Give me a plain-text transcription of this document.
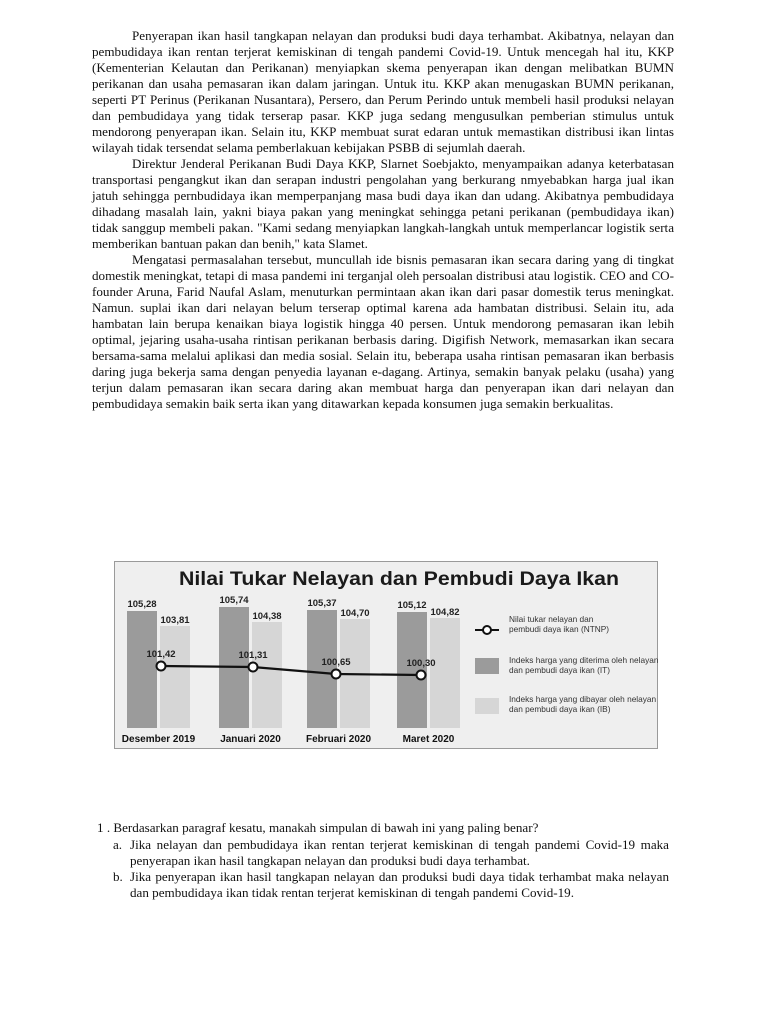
Penyerapan ikan hasil tangkapan nelayan dan produksi budi daya terhambat. Akibatnya, nelayan dan pembudidaya ikan rentan terjerat kemiskinan di tengah pandemi Covid-19. Untuk mencegah hal itu, KKP (Kementerian Kelautan dan Perikanan) menyiapkan skema penyerapan ikan dengan melibatkan BUMN perikanan dan usaha pemasaran ikan dalam jaringan. Untuk itu. KKP akan menugaskan BUMN perikanan, seperti PT Perinus (Perikanan Nusantara), Persero, dan Perum Perindo untuk membeli hasil produksi nelayan dan pembudidaya yang tidak terserap pasar. KKP juga sedang mengusulkan pemberian stimulus untuk mendorong penyerapan ikan. Selain itu, KKP membuat surat edaran untuk memastikan distribusi ikan lintas wilayah tidak tersendat selama pemberlakuan kebijakan PSBB di sejumlah daerah.

Direktur Jenderal Perikanan Budi Daya KKP, Slarnet Soebjakto, menyampaikan adanya keterbatasan transportasi pengangkut ikan dan serapan industri pengolahan yang berkurang nmyebabkan harga jual ikan jatuh sehingga pernbudidaya ikan memperpanjang masa budi daya ikan dan udang. Akibatnya pembudidaya dihadang masalah lain, yakni biaya pakan yang meningkat sehingga petani perikanan (pembudidaya ikan) tidak sanggup membeli pakan. "Kami sedang menyiapkan langkah-langkah untuk memperlancar logistik serta memberikan bantuan pakan dan benih," kata Slamet.

Mengatasi permasalahan tersebut, muncullah ide bisnis pemasaran ikan secara daring yang di tingkat domestik meningkat, tetapi di masa pandemi ini terganjal oleh persoalan distribusi atau logistik. CEO and CO-founder Aruna, Farid Naufal Aslam, menuturkan permintaan akan ikan dari pasar domestik terus meningkat. Namun. suplai ikan dari nelayan belum terserap optimal karena ada hambatan distribusi. Selain itu, ada hambatan lain berupa kenaikan biaya logistik hingga 40 persen. Untuk mendorong pemasaran ikan lebih optimal, jejaring usaha-usaha rintisan perikanan berbasis daring. Digifish Network, memasarkan ikan secara bersama-sama melalui aplikasi dan media sosial. Selain itu, beberapa usaha rintisan pemasaran ikan berbasis daring juga bekerja sama dengan penyedia layanan e-dagang. Artinya, semakin banyak pelaku (usaha) yang terjun dalam pemasaran ikan secara daring akan membuat harga dan penyerapan ikan dari nelayan dan pembudidaya semakin baik serta ikan yang ditawarkan kepada konsumen juga semakin berkualitas.

Nilai Tukar Nelayan dan Pembudi Daya Ikan
105,28
103,81
Desember 2019
105,74
104,38
Januari 2020
105,37
104,70
Februari 2020
105,12
104,82
Maret 2020
101,42	101,31
100,65	100,30
Nilai tukar nelayan dan pembudi daya ikan (NTNP)
Indeks harga yang diterima oleh nelayan dan pembudi daya ikan (IT)
Indeks harga yang dibayar oleh nelayan dan pembudi daya ikan (IB)
1 . Berdasarkan paragraf kesatu, manakah simpulan di bawah ini yang paling benar?
a. Jika nelayan dan pembudidaya ikan rentan terjerat kemiskinan di tengah pandemi Covid-19 maka penyerapan ikan hasil tangkapan nelayan dan produksi budi daya terhambat.
b. Jika penyerapan ikan hasil tangkapan nelayan dan produksi budi daya tidak terhambat maka nelayan dan pembudidaya ikan tidak rentan terjerat kemiskinan di tengah pandemi Covid-19.
